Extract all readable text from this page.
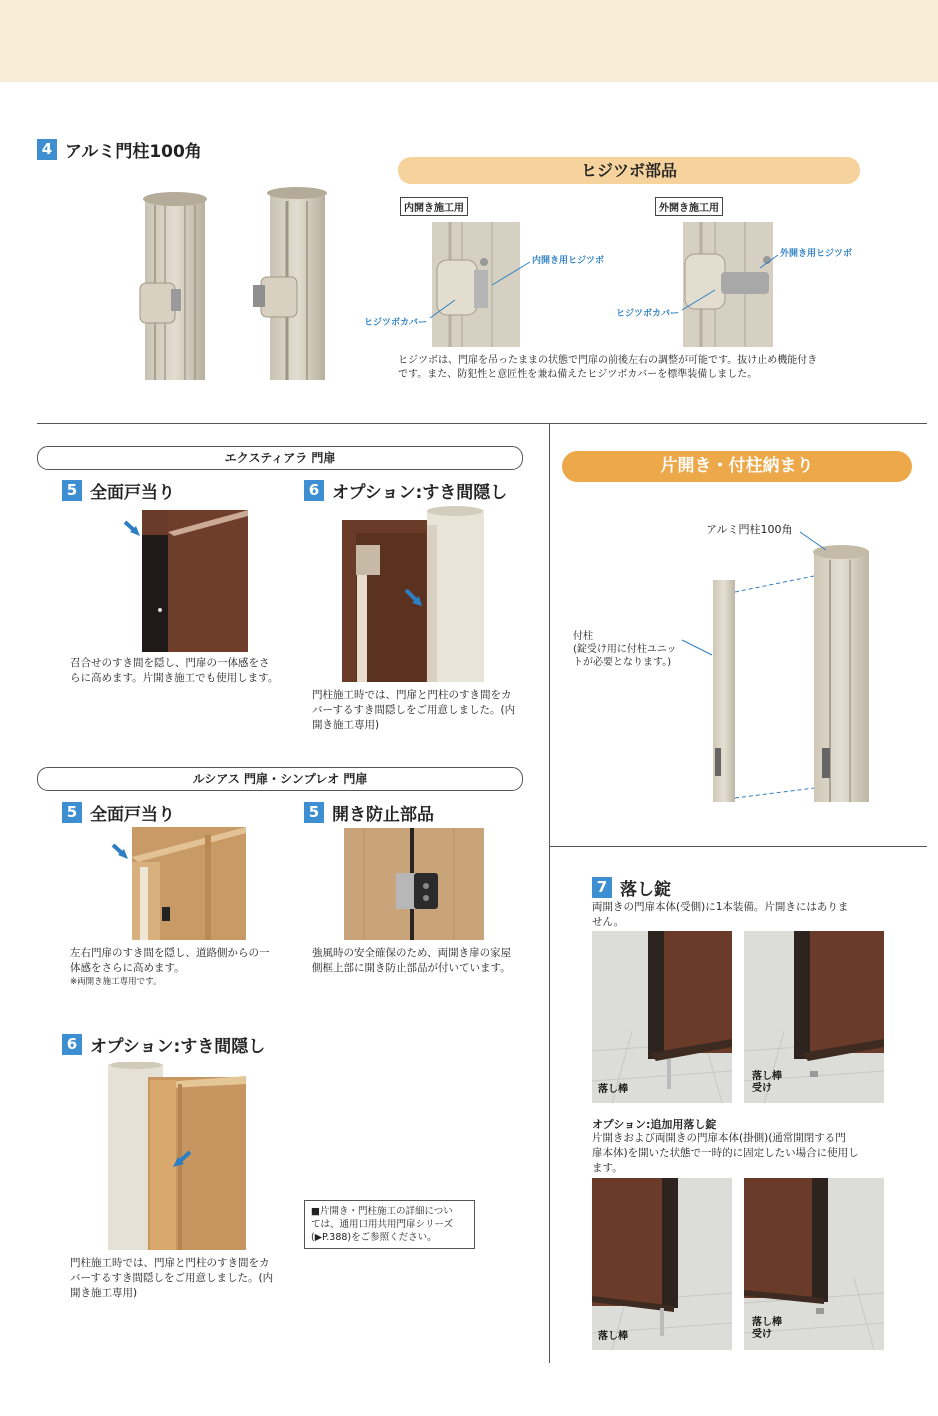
4 アルミ門柱100角
ヒジツボ部品
内開き施工用	外開き施工用
内開き用ヒジツボ
外開き用ヒジツボ
ヒジツボカバー
ヒジツボカバー
ヒジツボは、門扉を吊ったままの状態で門扉の前後左右の調整が可能です。抜け止め機能付き
です。また、防犯性と意匠性を兼ね備えたヒジツボカバーを標準装備しました。
エクスティアラ 門扉
5 全面戸当り	6 オプション:すき間隠し
召合せのすき間を隠し、門扉の一体感をさ
らに高めます。片開き施工でも使用します。
門柱施工時では、門扉と門柱のすき間をカ
バーするすき間隠しをご用意しました。(内
開き施工専用)
ルシアス 門扉・シンプレオ 門扉
5 全面戸当り	5 開き防止部品
左右門扉のすき間を隠し、道路側からの一
体感をさらに高めます。
※両開き施工専用です。
強風時の安全確保のため、両開き扉の家屋
側框上部に開き防止部品が付いています。
6 オプション:すき間隠し
門柱施工時では、門扉と門柱のすき間をカ
バーするすき間隠しをご用意しました。(内
開き施工専用)
■片開き・門柱施工の詳細につい
ては、通用口用共用門扉シリーズ
(▶P.388)をご参照ください。
片開き・付柱納まり
アルミ門柱100角
付柱
(錠受け用に付柱ユニッ
トが必要となります。)
7 落し錠
両開きの門扉本体(受側)に1本装備。片開きにはありま
せん。
落し棒
落し棒
受け
オプション:追加用落し錠
片開きおよび両開きの門扉本体(掛側)(通常開閉する門
扉本体)を開いた状態で一時的に固定したい場合に使用し
ます。
落し棒
落し棒
受け
